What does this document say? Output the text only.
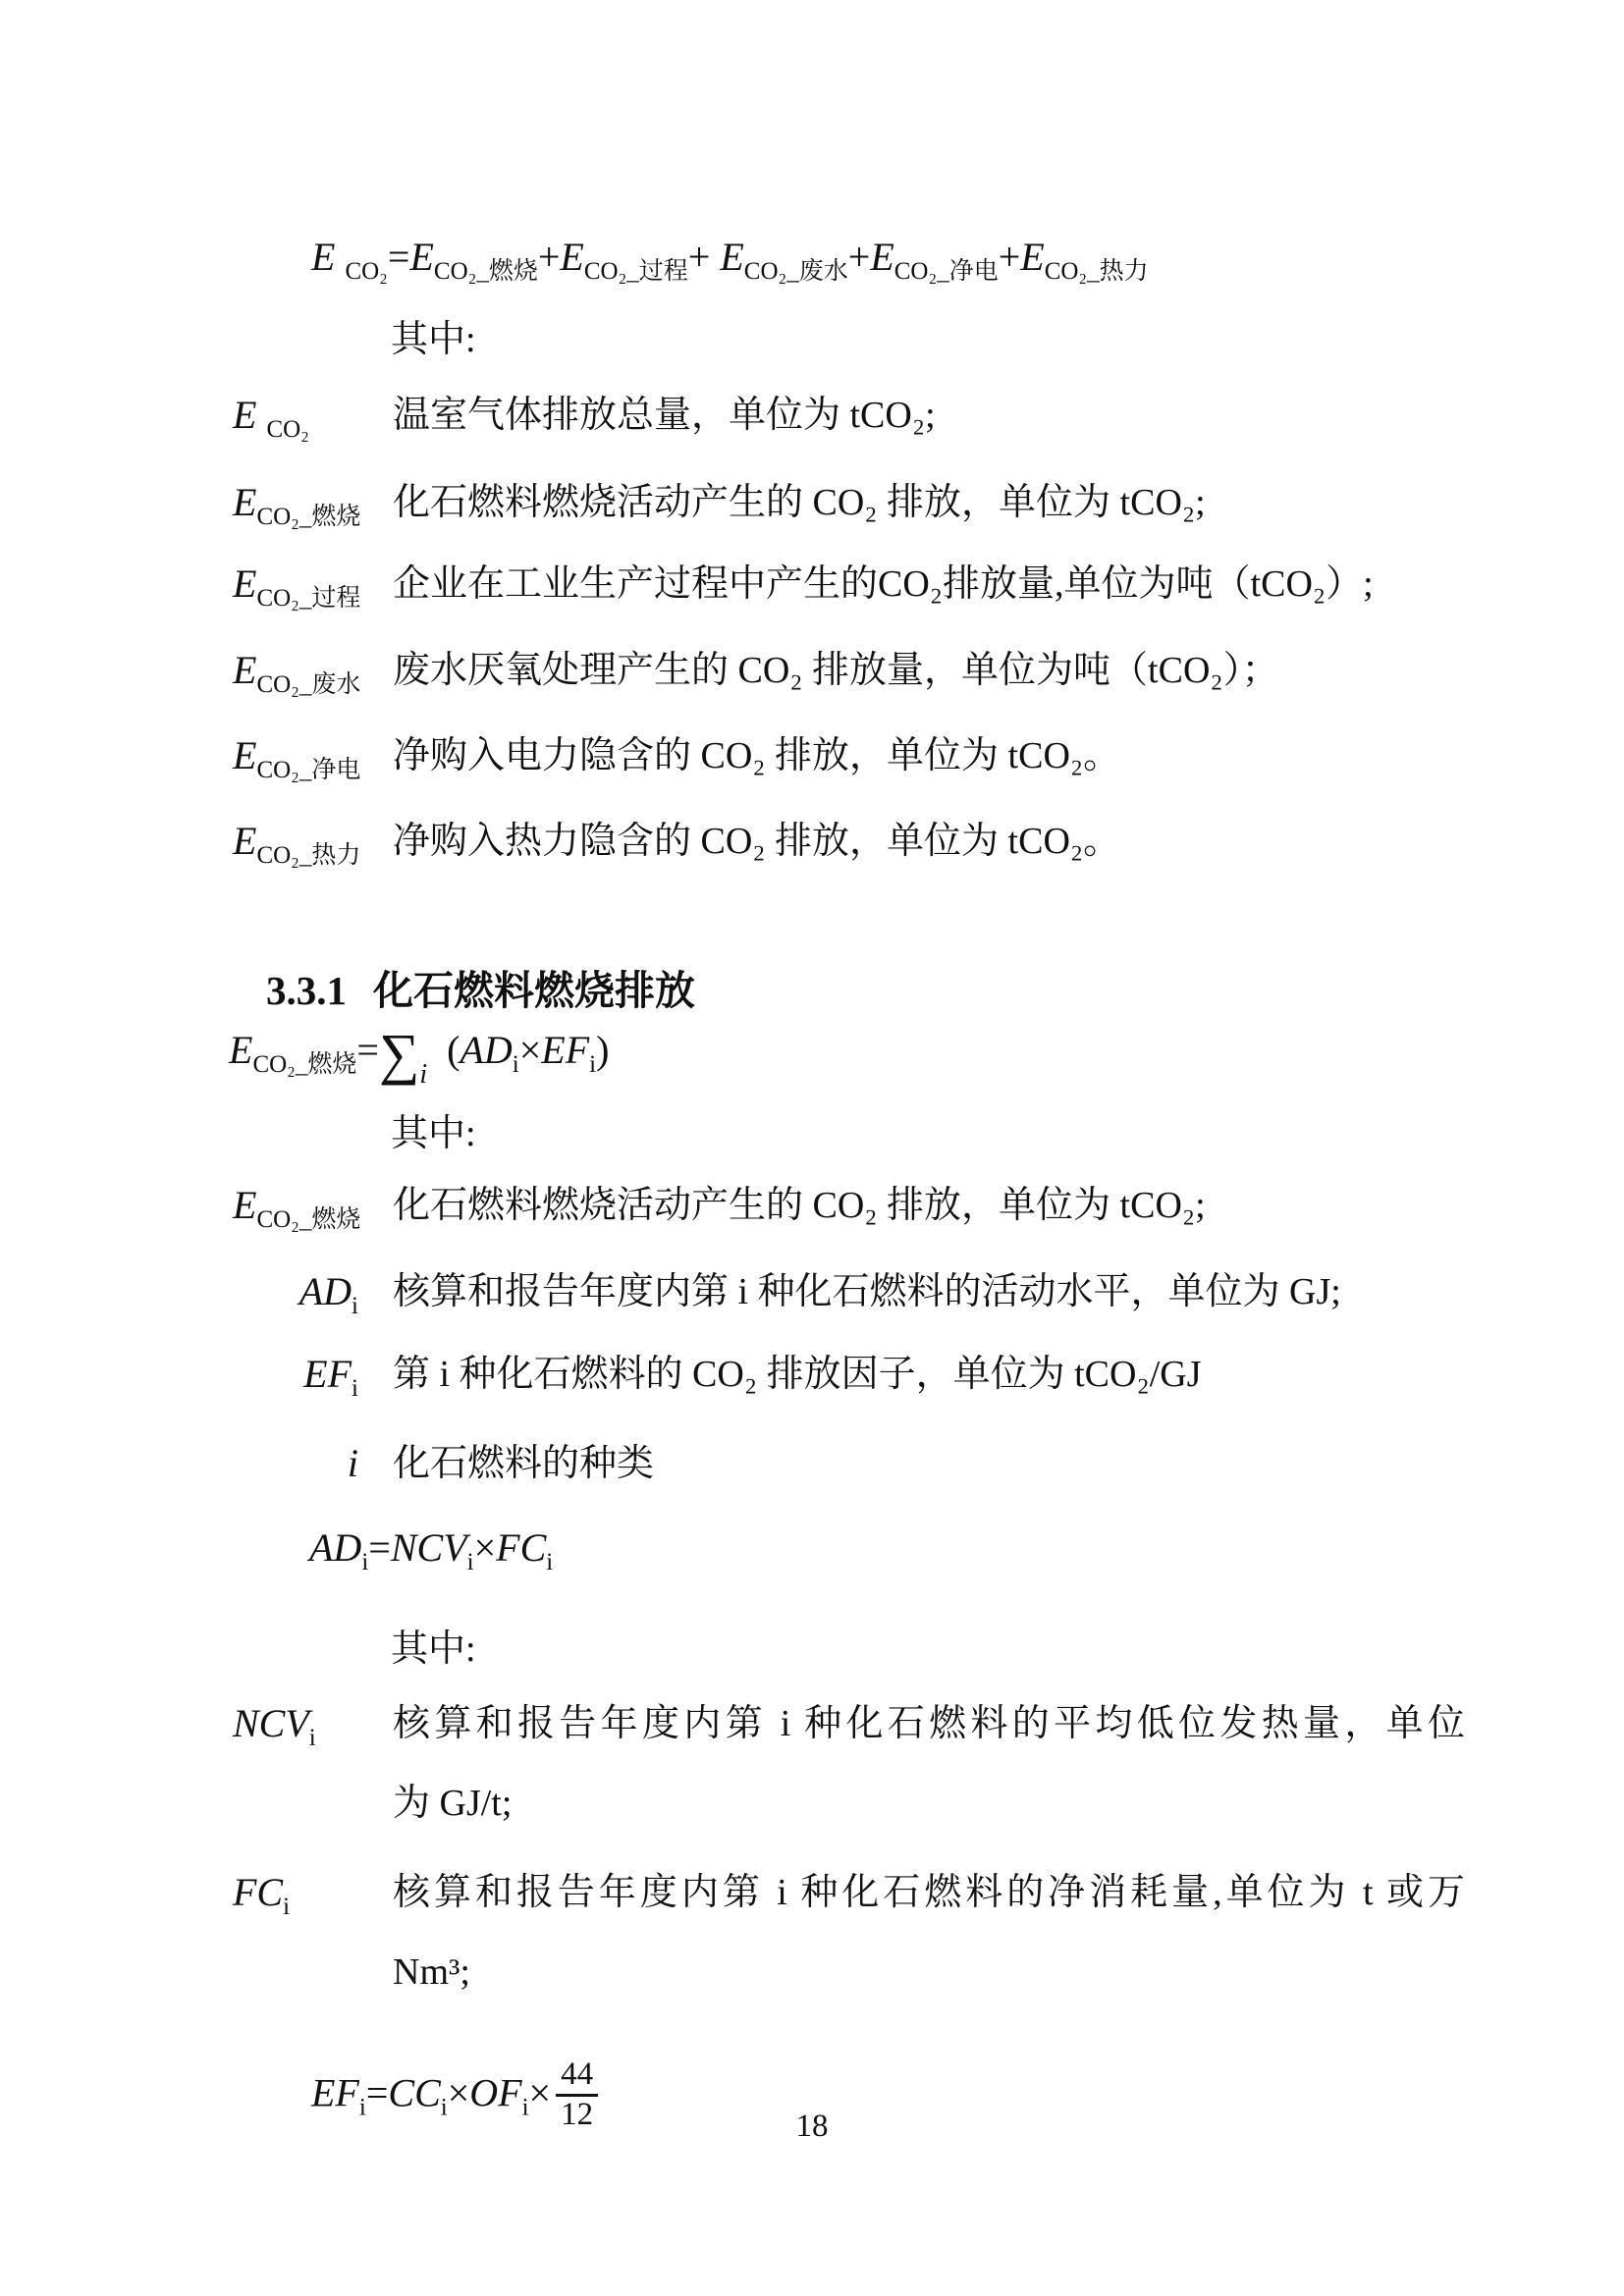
E $_{CO_2}=E_{CO_2\_燃烧}+E_{CO_2\_过程}+ E_{CO_2\_废水}+E_{CO_2\_净电}+E_{CO_2\_热力}$
其中:
E $_{CO_2}$ 温室气体排放总量，单位为 tCO₂;
$E_{CO_2\_燃烧}$ 化石燃料燃烧活动产生的 CO₂ 排放，单位为 tCO₂;
$E_{CO_2\_过程}$ 企业在工业生产过程中产生的CO₂排放量,单位为吨（tCO₂）;
$E_{CO_2\_废水}$ 废水厌氧处理产生的 CO₂ 排放量，单位为吨（tCO₂）；
$E_{CO_2\_净电}$ 净购入电力隐含的 CO₂ 排放，单位为 tCO₂。
$E_{CO_2\_热力}$ 净购入热力隐含的 CO₂ 排放，单位为 tCO₂。

3.3.1 化石燃料燃烧排放

$E_{CO_2\_燃烧}=\sum_i$  $(AD_i\times EF_i)$
其中:
$E_{CO_2\_燃烧}$ 化石燃料燃烧活动产生的 CO₂ 排放，单位为 tCO₂;
$AD_i$ 核算和报告年度内第 i 种化石燃料的活动水平，单位为 GJ;
$EF_i$ 第 i 种化石燃料的 CO₂ 排放因子，单位为 tCO₂/GJ
i 化石燃料的种类
$AD_i=NCV_i\times FC_i$
其中:
$NCV_i$ 核算和报告年度内第 i 种化石燃料的平均低位发热量，单位
为 GJ/t;
$FC_i$	核算和报告年度内第 i 种化石燃料的净消耗量,单位为 t 或万
Nm³;
$EF_i=CC_i\times OF_i\times \frac{44}{12}$	18
